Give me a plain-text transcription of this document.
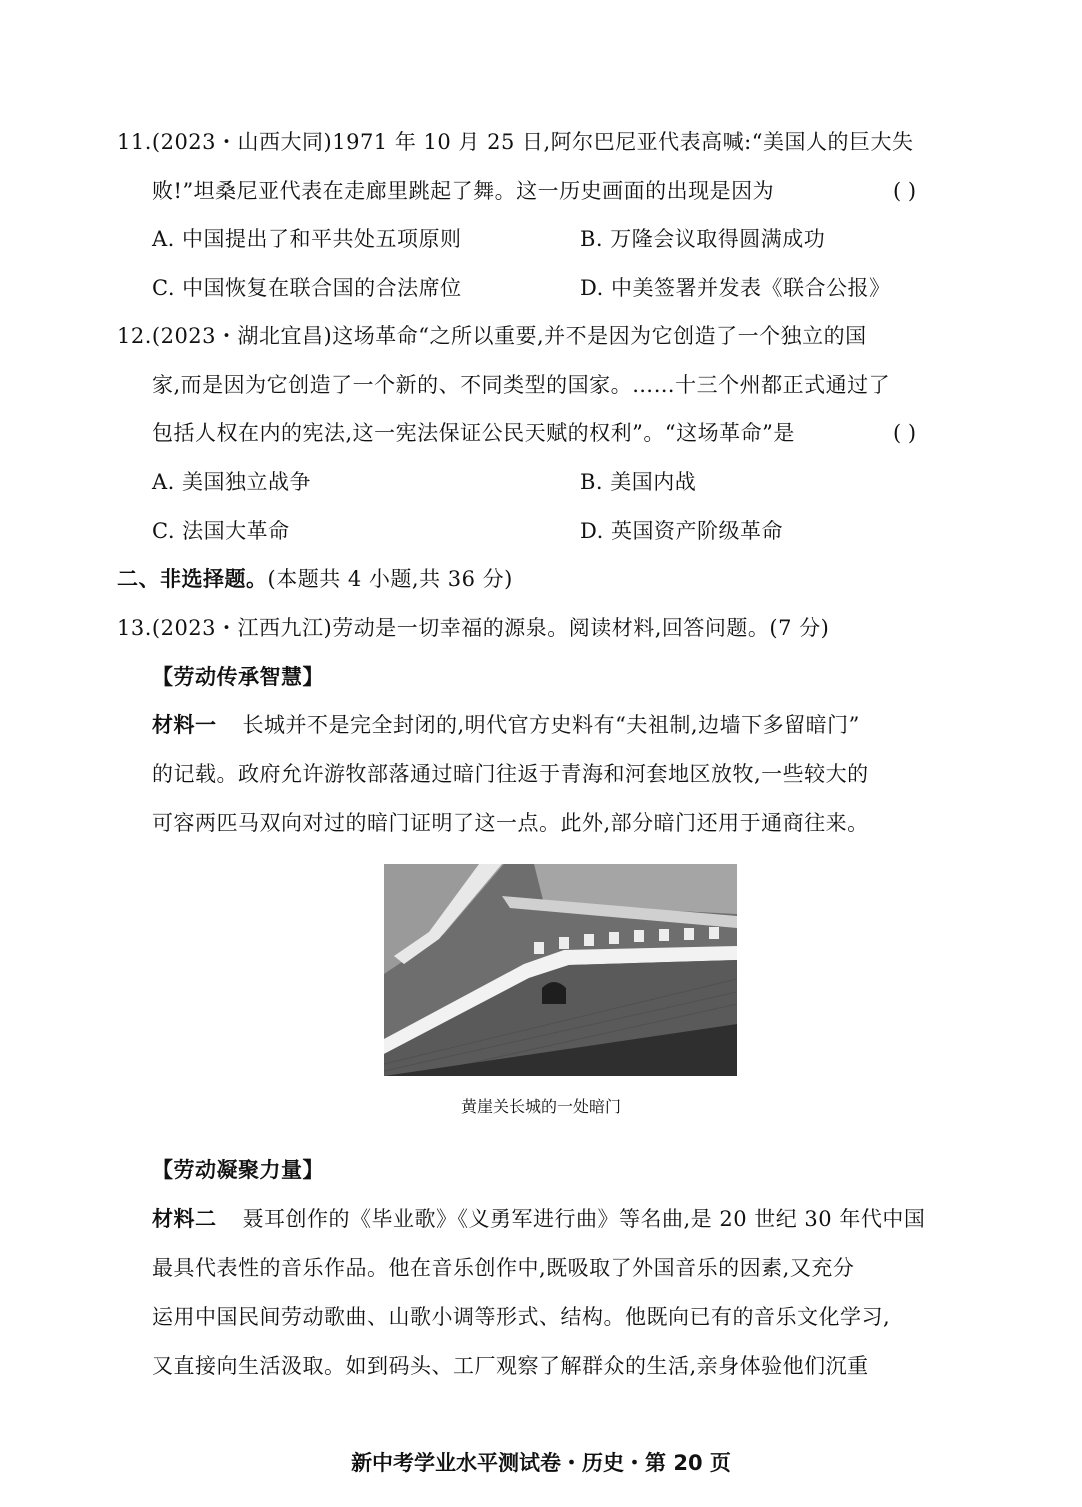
11.(2023・山西大同)1971 年 10 月 25 日,阿尔巴尼亚代表高喊:“美国人的巨大失
败!”坦桑尼亚代表在走廊里跳起了舞。这一历史画面的出现是因为	( )
A. 中国提出了和平共处五项原则	B. 万隆会议取得圆满成功
C. 中国恢复在联合国的合法席位	D. 中美签署并发表《联合公报》
12.(2023・湖北宜昌)这场革命“之所以重要,并不是因为它创造了一个独立的国
家,而是因为它创造了一个新的、不同类型的国家。……十三个州都正式通过了
包括人权在内的宪法,这一宪法保证公民天赋的权利”。“这场革命”是	( )
A. 美国独立战争	B. 美国内战
C. 法国大革命	D. 英国资产阶级革命
二、非选择题。(本题共 4 小题,共 36 分)
13.(2023・江西九江)劳动是一切幸福的源泉。阅读材料,回答问题。(7 分)
【劳动传承智慧】
材料一 长城并不是完全封闭的,明代官方史料有“夫祖制,边墙下多留暗门”
的记载。政府允许游牧部落通过暗门往返于青海和河套地区放牧,一些较大的
可容两匹马双向对过的暗门证明了这一点。此外,部分暗门还用于通商往来。
黄崖关长城的一处暗门
【劳动凝聚力量】
材料二 聂耳创作的《毕业歌》《义勇军进行曲》等名曲,是 20 世纪 30 年代中国
最具代表性的音乐作品。他在音乐创作中,既吸取了外国音乐的因素,又充分
运用中国民间劳动歌曲、山歌小调等形式、结构。他既向已有的音乐文化学习,
又直接向生活汲取。如到码头、工厂观察了解群众的生活,亲身体验他们沉重
新中考学业水平测试卷・历史・第 20 页
